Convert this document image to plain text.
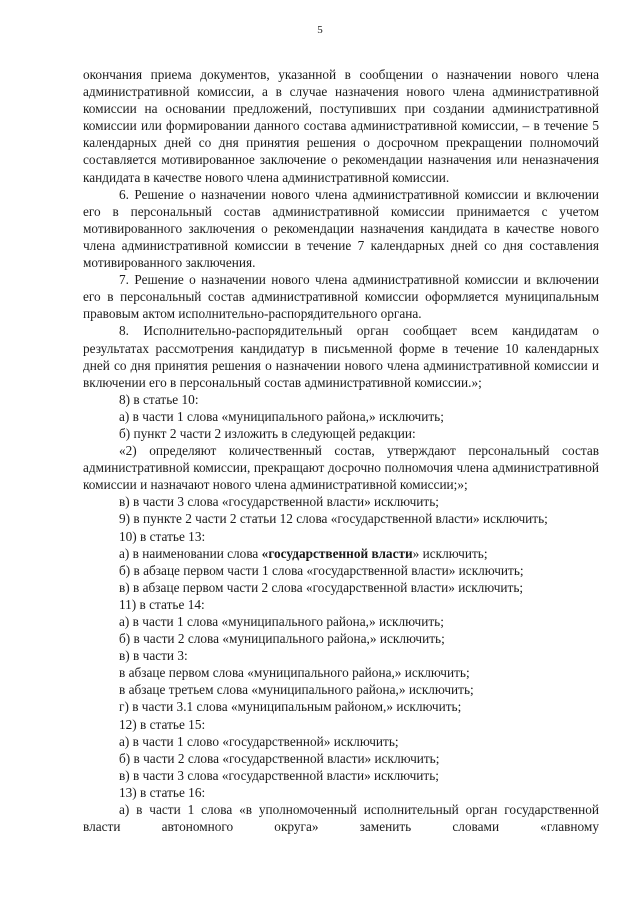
5

окончания приема документов, указанной в сообщении о назначении нового члена административной комиссии, а в случае назначения нового члена административной комиссии на основании предложений, поступивших при создании административной комиссии или формировании данного состава административной комиссии, – в течение 5 календарных дней со дня принятия решения о досрочном прекращении полномочий составляется мотивированное заключение о рекомендации назначения или неназначения кандидата в качестве нового члена административной комиссии.

6. Решение о назначении нового члена административной комиссии и включении его в персональный состав административной комиссии принимается с учетом мотивированного заключения о рекомендации назначения кандидата в качестве нового члена административной комиссии в течение 7 календарных дней со дня составления мотивированного заключения.

7. Решение о назначении нового члена административной комиссии и включении его в персональный состав административной комиссии оформляется муниципальным правовым актом исполнительно-распорядительного органа.

8. Исполнительно-распорядительный орган сообщает всем кандидатам о результатах рассмотрения кандидатур в письменной форме в течение 10 календарных дней со дня принятия решения о назначении нового члена административной комиссии и включении его в персональный состав административной комиссии.»;

8) в статье 10:

а) в части 1 слова «муниципального района,» исключить;

б) пункт 2 части 2 изложить в следующей редакции:

«2) определяют количественный состав, утверждают персональный состав административной комиссии, прекращают досрочно полномочия члена административной комиссии и назначают нового члена административной комиссии;»;

в) в части 3 слова «государственной власти» исключить;

9) в пункте 2 части 2 статьи 12 слова «государственной власти» исключить;

10) в статье 13:

а) в наименовании слова «государственной власти» исключить;

б) в абзаце первом части 1 слова «государственной власти» исключить;

в) в абзаце первом части 2 слова «государственной власти» исключить;

11) в статье 14:

а) в части 1 слова «муниципального района,» исключить;

б) в части 2 слова «муниципального района,» исключить;

в) в части 3:

в абзаце первом слова «муниципального района,» исключить;

в абзаце третьем слова «муниципального района,» исключить;

г) в части 3.1 слова «муниципальным районом,» исключить;

12) в статье 15:

а) в части 1 слово «государственной» исключить;

б) в части 2 слова «государственной власти» исключить;

в) в части 3 слова «государственной власти» исключить;

13) в статье 16:

а) в части 1 слова «в уполномоченный исполнительный орган государственной власти автономного округа» заменить словами «главному
